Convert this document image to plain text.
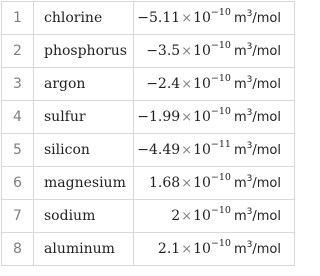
1	chlorine	$-5.11\times 10^{-10}$ $m^3$/mol
2	phosphorus	$-3.5\times 10^{-10}$ $m^3$/mol
3	argon	$-2.4\times 10^{-10}$ $m^3$/mol
4	sulfur	$-1.99\times 10^{-10}$ $m^3$/mol
5	silicon	$-4.49\times 10^{-11}$ $m^3$/mol
6	magnesium	$1.68\times 10^{-10}$ $m^3$/mol
7	sodium	$2\times 10^{-10}$ $m^3$/mol
8	aluminum	$2.1\times 10^{-10}$ $m^3$/mol
